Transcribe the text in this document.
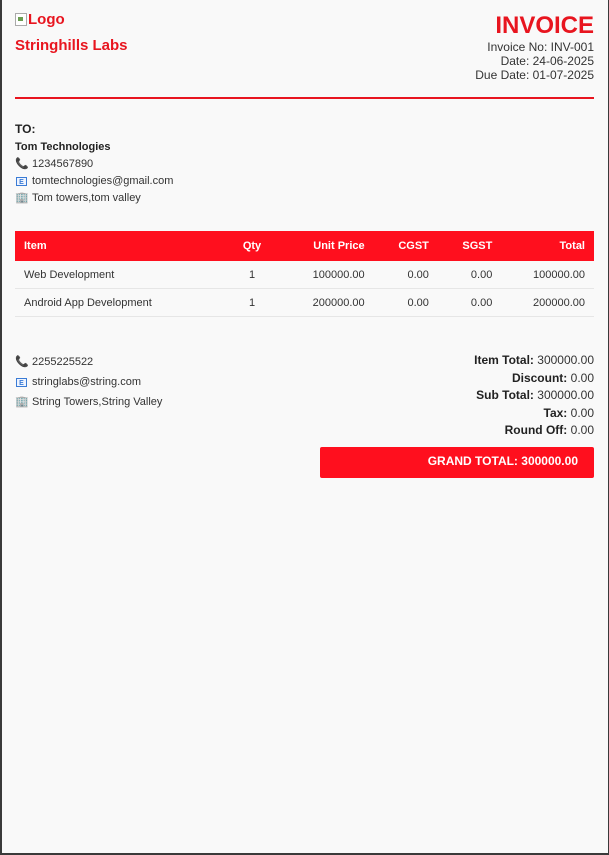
Logo
Stringhills Labs
INVOICE
Invoice No: INV-001
Date: 24-06-2025
Due Date: 01-07-2025
TO:
Tom Technologies
📞 1234567890
E tomtechnologies@gmail.com
🏢 Tom towers,tom valley
Item	Qty	Unit Price	CGST	SGST	Total
Web Development	1	100000.00	0.00	0.00	100000.00
Android App Development	1	200000.00	0.00	0.00	200000.00
📞 2255225522
E stringlabs@string.com
🏢 String Towers,String Valley
Item Total: 300000.00
Discount: 0.00
Sub Total: 300000.00
Tax: 0.00
Round Off: 0.00
GRAND TOTAL: 300000.00
